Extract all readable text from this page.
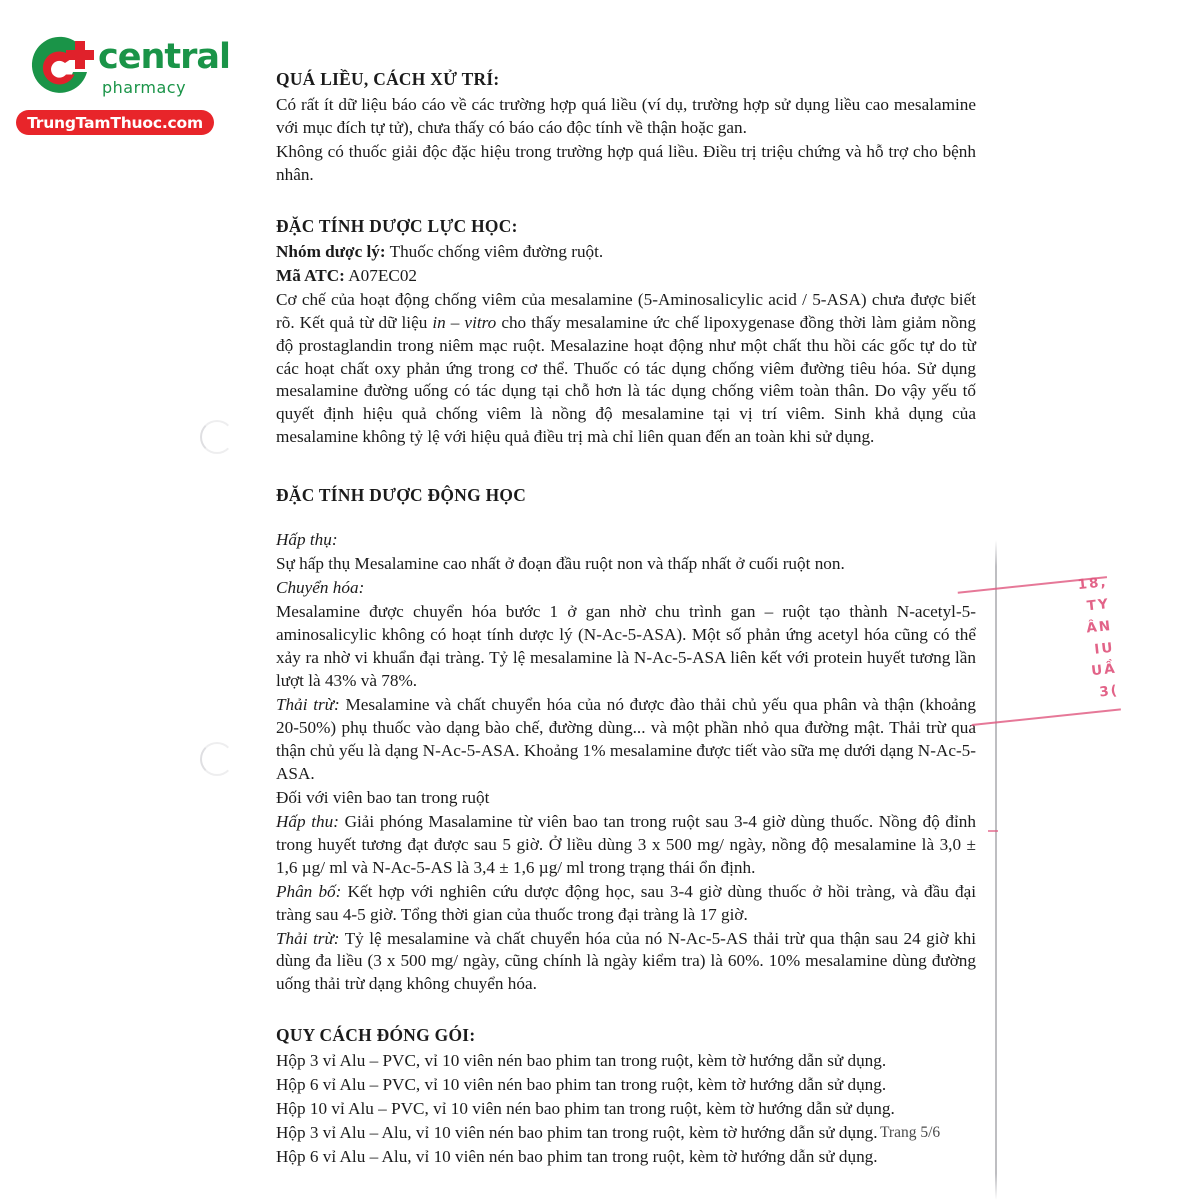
central
pharmacy
TrungTamThuoc.com
QUÁ LIỀU, CÁCH XỬ TRÍ:

Có rất ít dữ liệu báo cáo về các trường hợp quá liều (ví dụ, trường hợp sử dụng liều cao mesalamine với mục đích tự tử), chưa thấy có báo cáo độc tính về thận hoặc gan.

Không có thuốc giải độc đặc hiệu trong trường hợp quá liều. Điều trị triệu chứng và hỗ trợ cho bệnh nhân.

ĐẶC TÍNH DƯỢC LỰC HỌC:

Nhóm dược lý: Thuốc chống viêm đường ruột.

Mã ATC: A07EC02

Cơ chế của hoạt động chống viêm của mesalamine (5-Aminosalicylic acid / 5-ASA) chưa được biết rõ. Kết quả từ dữ liệu in – vitro cho thấy mesalamine ức chế lipoxygenase đồng thời làm giảm nồng độ prostaglandin trong niêm mạc ruột. Mesalazine hoạt động như một chất thu hồi các gốc tự do từ các hoạt chất oxy phản ứng trong cơ thể. Thuốc có tác dụng chống viêm đường tiêu hóa. Sử dụng mesalamine đường uống có tác dụng tại chỗ hơn là tác dụng chống viêm toàn thân. Do vậy yếu tố quyết định hiệu quả chống viêm là nồng độ mesalamine tại vị trí viêm. Sinh khả dụng của mesalamine không tỷ lệ với hiệu quả điều trị mà chỉ liên quan đến an toàn khi sử dụng.

ĐẶC TÍNH DƯỢC ĐỘNG HỌC

Hấp thụ:

Sự hấp thụ Mesalamine cao nhất ở đoạn đầu ruột non và thấp nhất ở cuối ruột non.

Chuyển hóa:

Mesalamine được chuyển hóa bước 1 ở gan nhờ chu trình gan – ruột tạo thành N-acetyl-5-aminosalicylic không có hoạt tính dược lý (N-Ac-5-ASA). Một số phản ứng acetyl hóa cũng có thể xảy ra nhờ vi khuẩn đại tràng. Tỷ lệ mesalamine là N-Ac-5-ASA liên kết với protein huyết tương lần lượt là 43% và 78%.

Thải trừ: Mesalamine và chất chuyển hóa của nó được đào thải chủ yếu qua phân và thận (khoảng 20-50%) phụ thuốc vào dạng bào chế, đường dùng... và một phần nhỏ qua đường mật. Thải trừ qua thận chủ yếu là dạng N-Ac-5-ASA. Khoảng 1% mesalamine được tiết vào sữa mẹ dưới dạng N-Ac-5-ASA.

Đối với viên bao tan trong ruột

Hấp thu: Giải phóng Masalamine từ viên bao tan trong ruột sau 3-4 giờ dùng thuốc. Nồng độ đỉnh trong huyết tương đạt được sau 5 giờ. Ở liều dùng 3 x 500 mg/ ngày, nồng độ mesalamine là 3,0 ± 1,6 µg/ ml và N-Ac-5-AS là 3,4 ± 1,6 µg/ ml trong trạng thái ổn định.

Phân bố: Kết hợp với nghiên cứu dược động học, sau 3-4 giờ dùng thuốc ở hồi tràng, và đầu đại tràng sau 4-5 giờ. Tổng thời gian của thuốc trong đại tràng là 17 giờ.

Thải trừ: Tỷ lệ mesalamine và chất chuyển hóa của nó N-Ac-5-AS thải trừ qua thận sau 24 giờ khi dùng đa liều (3 x 500 mg/ ngày, cũng chính là ngày kiểm tra) là 60%. 10% mesalamine dùng đường uống thải trừ dạng không chuyển hóa.

QUY CÁCH ĐÓNG GÓI:

Hộp 3 vỉ Alu – PVC, vỉ 10 viên nén bao phim tan trong ruột, kèm tờ hướng dẫn sử dụng.

Hộp 6 vỉ Alu – PVC, vỉ 10 viên nén bao phim tan trong ruột, kèm tờ hướng dẫn sử dụng.

Hộp 10 vỉ Alu – PVC, vỉ 10 viên nén bao phim tan trong ruột, kèm tờ hướng dẫn sử dụng.

Hộp 3 vỉ Alu – Alu, vỉ 10 viên nén bao phim tan trong ruột, kèm tờ hướng dẫn sử dụng.

Hộp 6 vỉ Alu – Alu, vỉ 10 viên nén bao phim tan trong ruột, kèm tờ hướng dẫn sử dụng.

Trang 5/6
18,
TY
ÂN
IU
UẦ
3(
